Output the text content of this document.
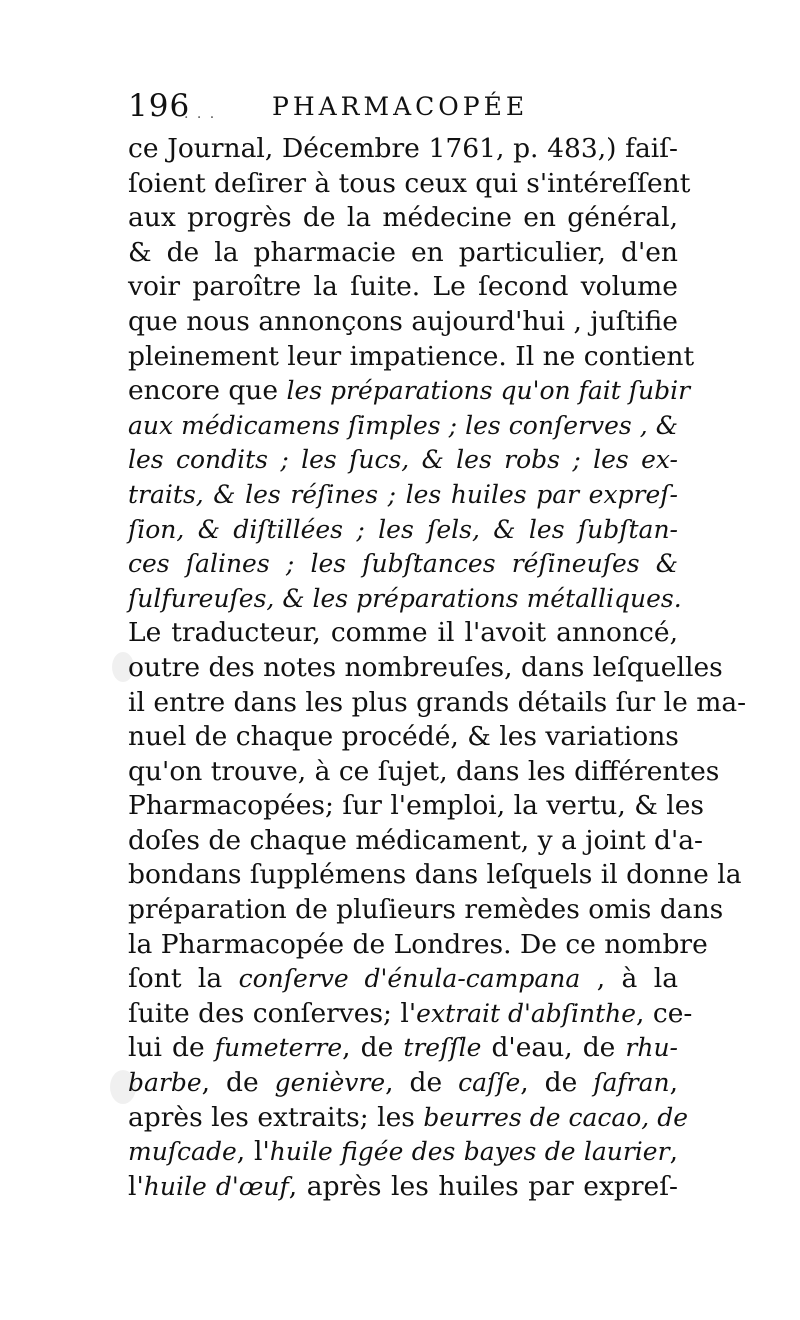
196
. . . PHARMACOPÉE
ce Journal, Décembre 1761, p. 483,) faiſ-
ſoient deſirer à tous ceux qui s'intéreſſent
aux progrès de la médecine en général,
& de la pharmacie en particulier, d'en
voir paroître la ſuite. Le ſecond volume
que nous annonçons aujourd'hui , juſtifie
pleinement leur impatience. Il ne contient
encore que les préparations qu'on fait ſubir
aux médicamens ſimples ; les conſerves , &
les condits ; les ſucs, & les robs ; les ex-
traits, & les réſines ; les huiles par expreſ-
ſion, & diſtillées ; les ſels, & les ſubſtan-
ces ſalines ; les ſubſtances réſineuſes &
ſulfureuſes, & les préparations métalliques.
Le traducteur, comme il l'avoit annoncé,
outre des notes nombreuſes, dans leſquelles
il entre dans les plus grands détails ſur le ma-
nuel de chaque procédé, & les variations
qu'on trouve, à ce ſujet, dans les différentes
Pharmacopées; ſur l'emploi, la vertu, & les
doſes de chaque médicament, y a joint d'a-
bondans ſupplémens dans leſquels il donne la
préparation de pluſieurs remèdes omis dans
la Pharmacopée de Londres. De ce nombre
ſont la conſerve d'énula-campana , à la
ſuite des conſerves; l'extrait d'abſinthe, ce-
lui de fumeterre, de treſſle d'eau, de rhu-
barbe, de genièvre, de caſſe, de ſafran,
après les extraits; les beurres de cacao, de
muſcade, l'huile figée des bayes de laurier,
l'huile d'œuf, après les huiles par expreſ-
